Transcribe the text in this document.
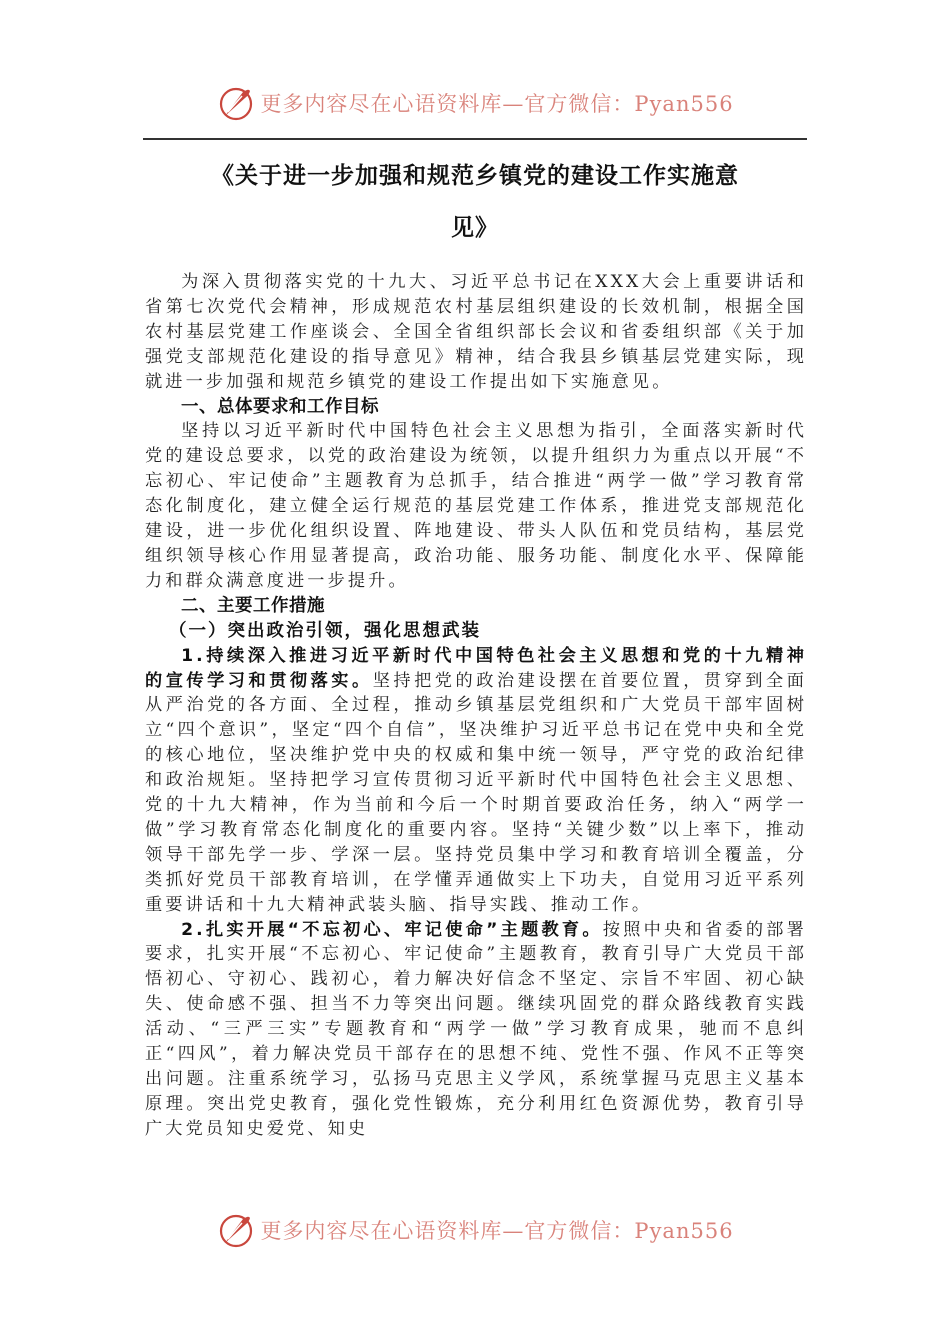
更多内容尽在心语资料库—官方微信：Pyan556
《关于进一步加强和规范乡镇党的建设工作实施意
见》

为深入贯彻落实党的十九大、习近平总书记在XXX大会上重要讲话和省第七次党代会精神，形成规范农村基层组织建设的长效机制，根据全国农村基层党建工作座谈会、全国全省组织部长会议和省委组织部《关于加强党支部规范化建设的指导意见》精神，结合我县乡镇基层党建实际，现就进一步加强和规范乡镇党的建设工作提出如下实施意见。

一、总体要求和工作目标

坚持以习近平新时代中国特色社会主义思想为指引，全面落实新时代党的建设总要求，以党的政治建设为统领，以提升组织力为重点以开展“不忘初心、牢记使命”主题教育为总抓手，结合推进“两学一做”学习教育常态化制度化，建立健全运行规范的基层党建工作体系，推进党支部规范化建设，进一步优化组织设置、阵地建设、带头人队伍和党员结构，基层党组织领导核心作用显著提高，政治功能、服务功能、制度化水平、保障能力和群众满意度进一步提升。

二、主要工作措施

（一）突出政治引领，强化思想武装

1.持续深入推进习近平新时代中国特色社会主义思想和党的十九精神的宣传学习和贯彻落实。坚持把党的政治建设摆在首要位置，贯穿到全面从严治党的各方面、全过程，推动乡镇基层党组织和广大党员干部牢固树立“四个意识”，坚定“四个自信”，坚决维护习近平总书记在党中央和全党的核心地位，坚决维护党中央的权威和集中统一领导，严守党的政治纪律和政治规矩。坚持把学习宣传贯彻习近平新时代中国特色社会主义思想、党的十九大精神，作为当前和今后一个时期首要政治任务，纳入“两学一做”学习教育常态化制度化的重要内容。坚持“关键少数”以上率下，推动领导干部先学一步、学深一层。坚持党员集中学习和教育培训全覆盖，分类抓好党员干部教育培训，在学懂弄通做实上下功夫，自觉用习近平系列重要讲话和十九大精神武装头脑、指导实践、推动工作。

2.扎实开展“不忘初心、牢记使命”主题教育。按照中央和省委的部署要求，扎实开展“不忘初心、牢记使命”主题教育，教育引导广大党员干部悟初心、守初心、践初心，着力解决好信念不坚定、宗旨不牢固、初心缺失、使命感不强、担当不力等突出问题。继续巩固党的群众路线教育实践活动、“三严三实”专题教育和“两学一做”学习教育成果，驰而不息纠正“四风”，着力解决党员干部存在的思想不纯、党性不强、作风不正等突出问题。注重系统学习，弘扬马克思主义学风，系统掌握马克思主义基本原理。突出党史教育，强化党性锻炼，充分利用红色资源优势，教育引导广大党员知史爱党、知史

更多内容尽在心语资料库—官方微信：Pyan556
